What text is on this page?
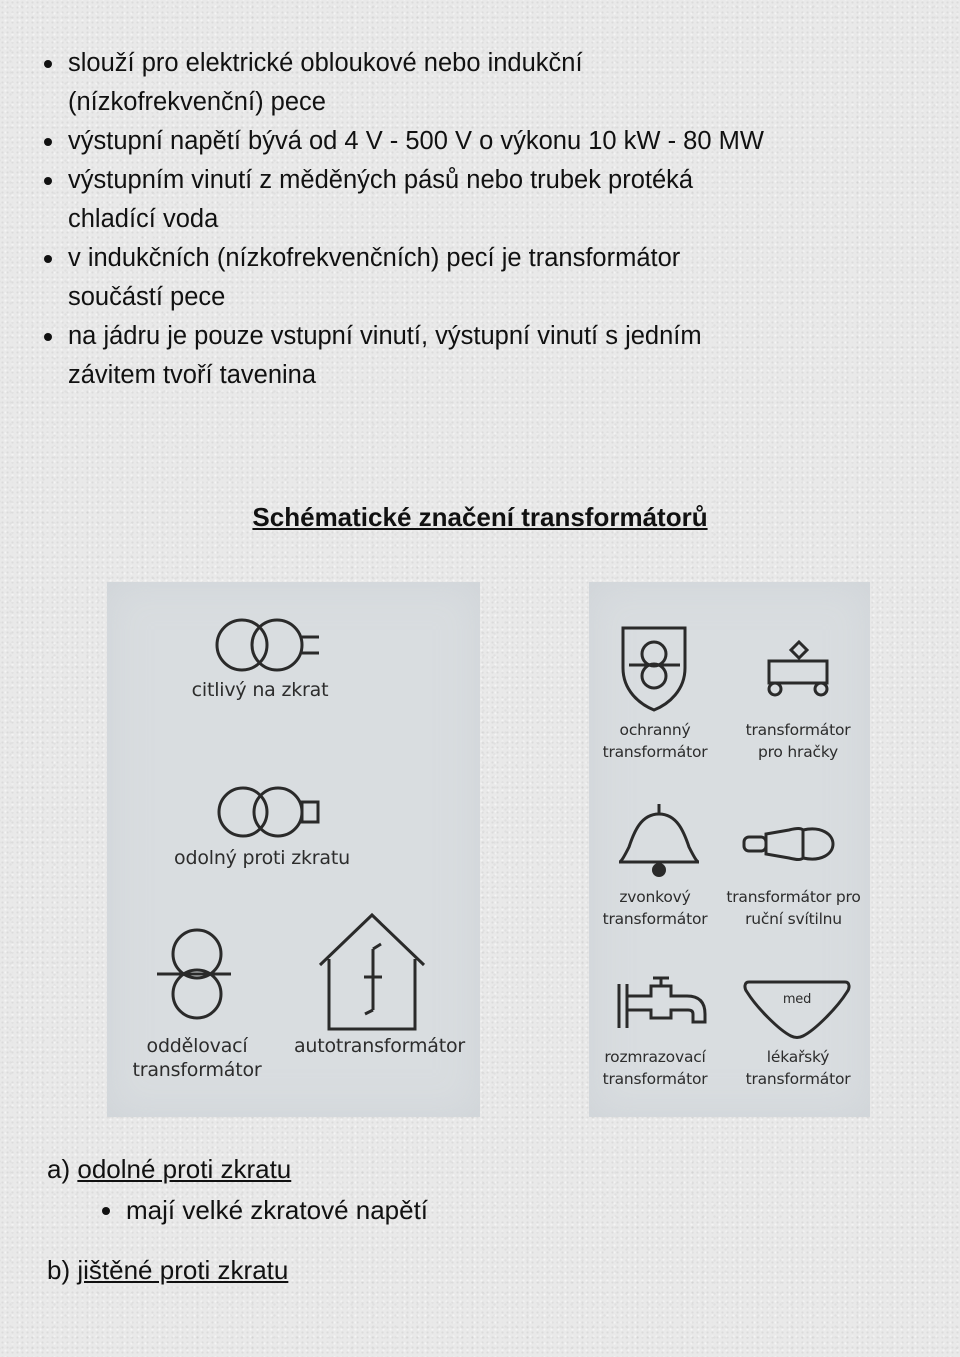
slouží pro elektrické obloukové nebo indukční
(nízkofrekvenční) pece
výstupní napětí bývá od 4 V - 500 V o výkonu 10 kW - 80 MW
výstupním vinutí z měděných pásů nebo trubek protéká
chladící voda
v indukčních (nízkofrekvenčních) pecí je transformátor
součástí pece
na jádru je pouze vstupní vinutí, výstupní vinutí s jedním
závitem tvoří tavenina
Schématické značení transformátorů
citlivý na zkrat
odolný proti zkratu
oddělovací
transformátor
autotransformátor
med
ochranný
transformátor
transformátor
pro hračky
zvonkový
transformátor
transformátor pro
ruční svítilnu
rozmrazovací
transformátor
lékařský
transformátor
a) odolné proti zkratu
mají velké zkratové napětí
b) jištěné proti zkratu
